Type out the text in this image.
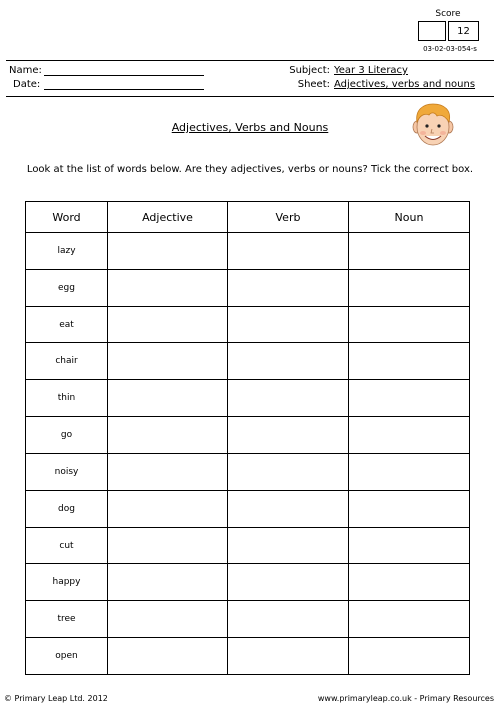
Score
12
03-02-03-054-s
Name:
Date:
Subject: Year 3 Literacy
Sheet: Adjectives, verbs and nouns
Adjectives, Verbs and Nouns
Look at the list of words below. Are they adjectives, verbs or nouns? Tick the correct box.
Word	Adjective	Verb	Noun
lazy			
egg			
eat			
chair			
thin			
go			
noisy			
dog			
cut			
happy			
tree			
open			
© Primary Leap Ltd. 2012	www.primaryleap.co.uk - Primary Resources
